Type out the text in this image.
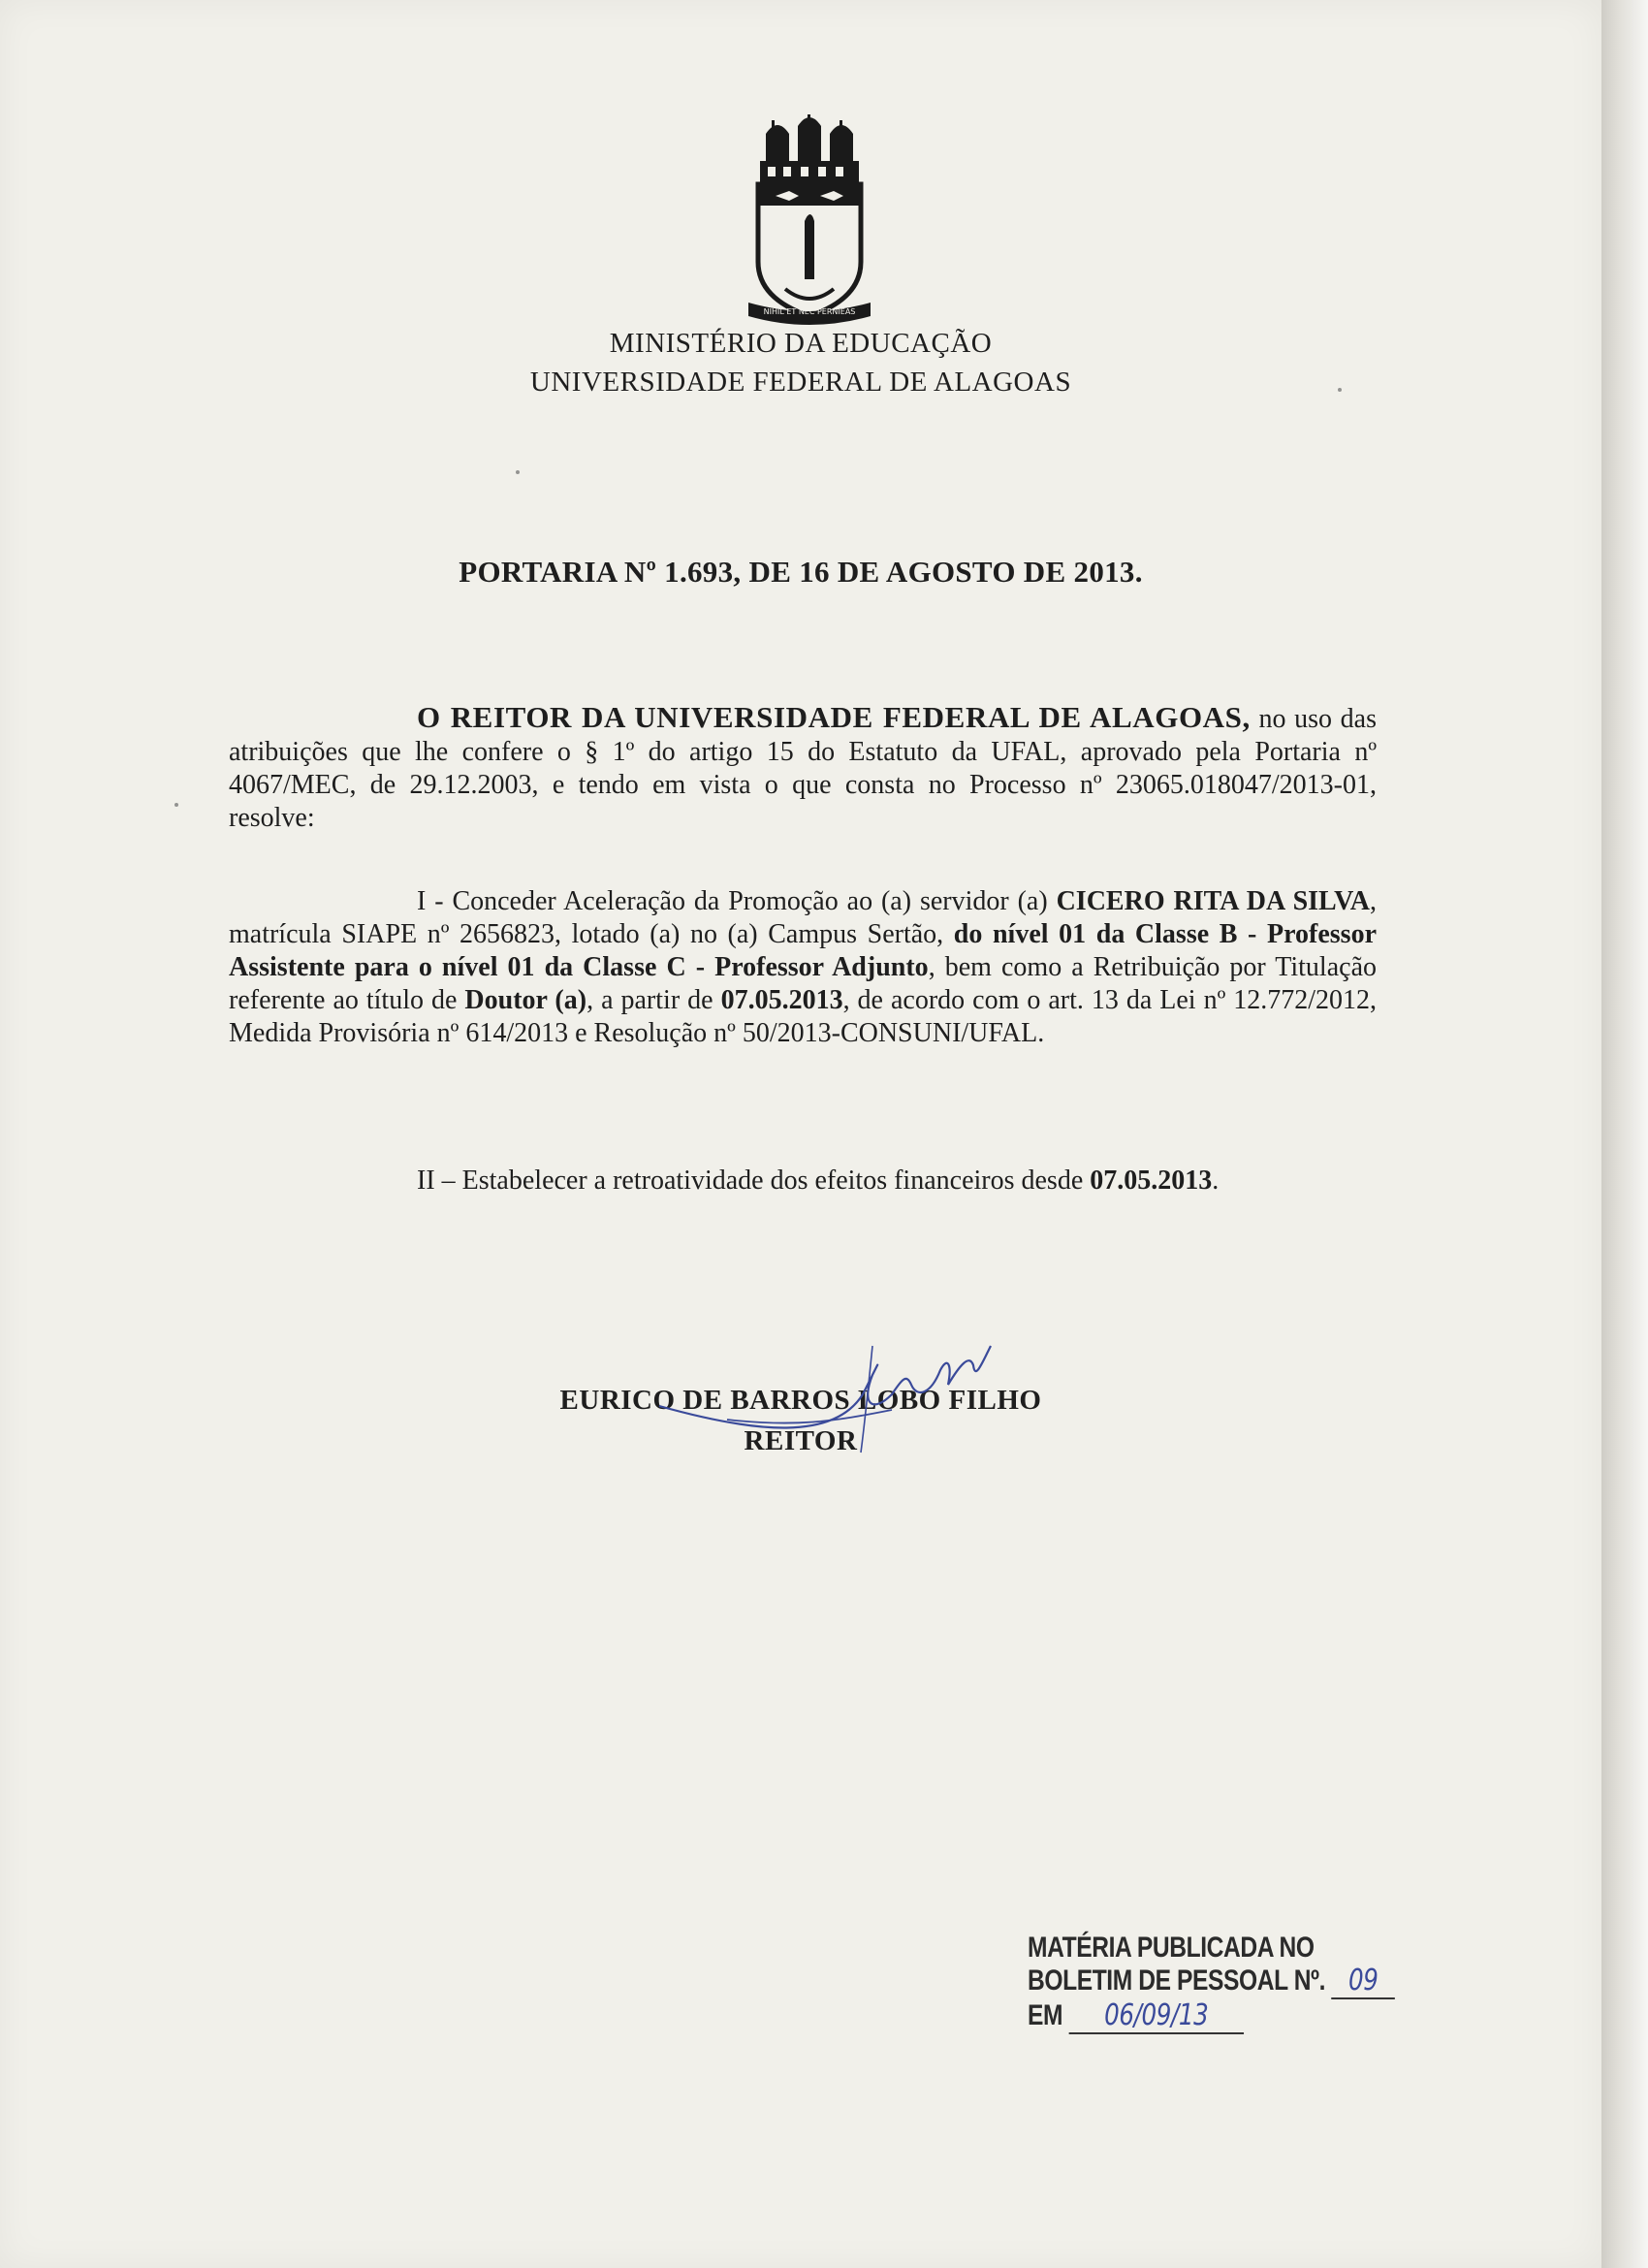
NIHIL ET NEC PERNIEAS
MINISTÉRIO DA EDUCAÇÃO
UNIVERSIDADE FEDERAL DE ALAGOAS
PORTARIA Nº 1.693, DE 16 DE AGOSTO DE 2013.
O REITOR DA UNIVERSIDADE FEDERAL DE ALAGOAS, no uso das atribuições que lhe confere o § 1º do artigo 15 do Estatuto da UFAL, aprovado pela Portaria nº 4067/MEC, de 29.12.2003, e tendo em vista o que consta no Processo nº 23065.018047/2013-01, resolve:
I - Conceder Aceleração da Promoção ao (a) servidor (a) CICERO RITA DA SILVA, matrícula SIAPE nº 2656823, lotado (a) no (a) Campus Sertão, do nível 01 da Classe B - Professor Assistente para o nível 01 da Classe C - Professor Adjunto, bem como a Retribuição por Titulação referente ao título de Doutor (a), a partir de 07.05.2013, de acordo com o art. 13 da Lei nº 12.772/2012, Medida Provisória nº 614/2013 e Resolução nº 50/2013-CONSUNI/UFAL.
II – Estabelecer a retroatividade dos efeitos financeiros desde 07.05.2013.
EURICO DE BARROS LOBO FILHO
REITOR
MATÉRIA PUBLICADA NO
BOLETIM DE PESSOAL Nº. 09
EM 06/09/13
